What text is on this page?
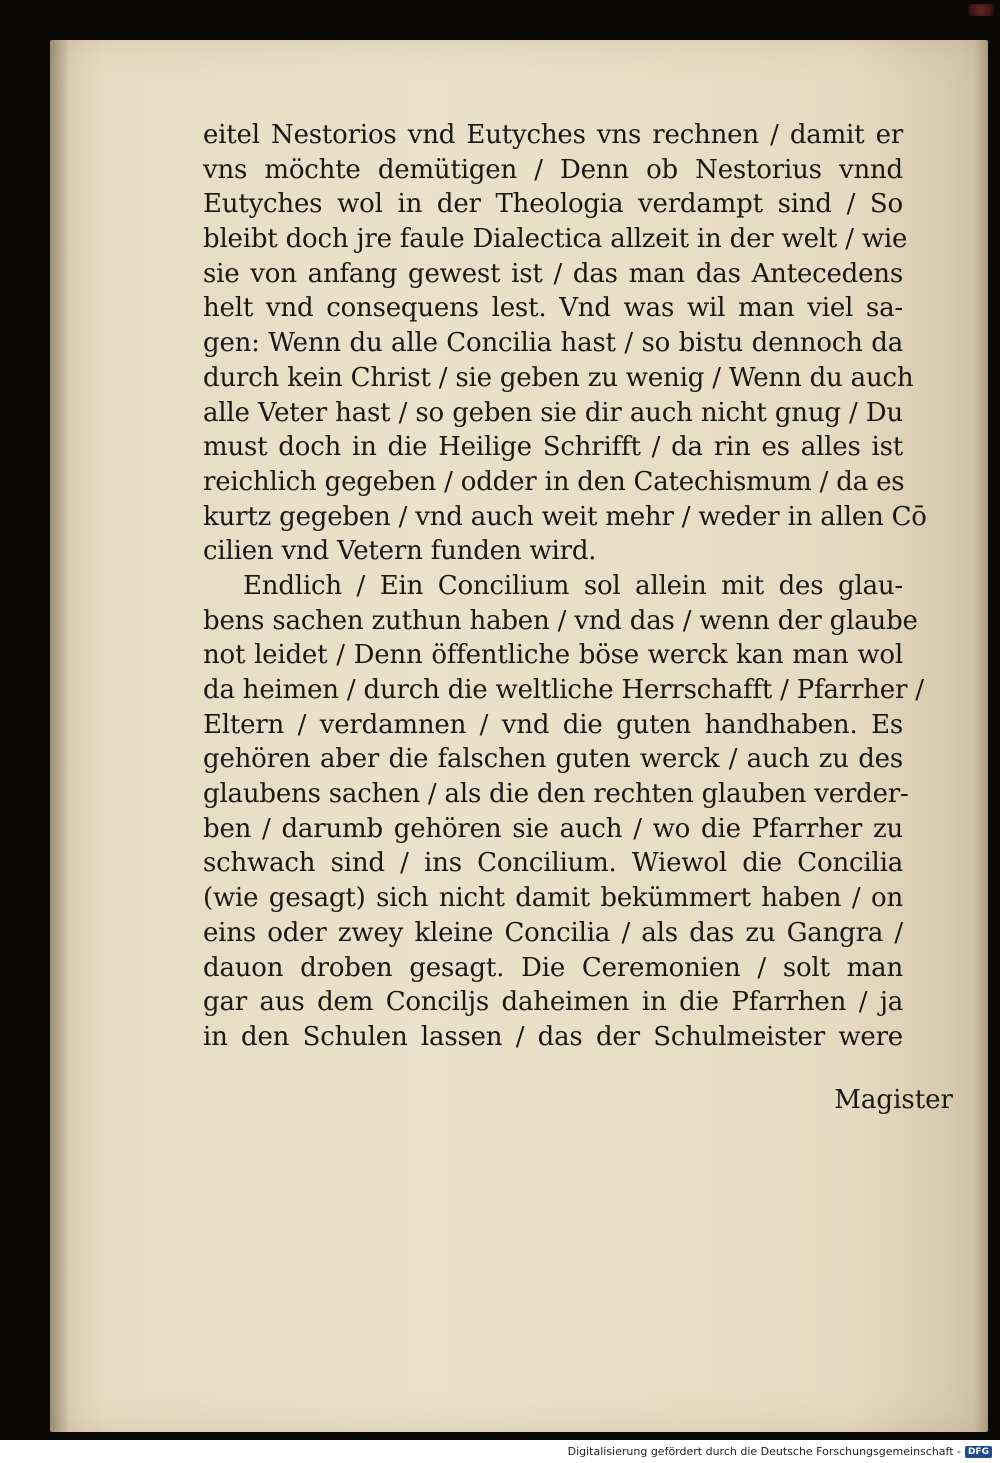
eitel Nestorios vnd Eutyches vns rechnen / damit er
vns möchte demütigen / Denn ob Nestorius vnnd
Eutyches wol in der Theologia verdampt sind / So
bleibt doch jre faule Dialectica allzeit in der welt / wie
sie von anfang gewest ist / das man das Antecedens
helt vnd consequens lest. Vnd was wil man viel sa-
gen: Wenn du alle Concilia hast / so bistu dennoch da
durch kein Christ / sie geben zu wenig / Wenn du auch
alle Veter hast / so geben sie dir auch nicht gnug / Du
must doch in die Heilige Schrifft / da rin es alles ist
reichlich gegeben / odder in den Catechismum / da es
kurtz gegeben / vnd auch weit mehr / weder in allen Cō
cilien vnd Vetern funden wird.
Endlich / Ein Concilium sol allein mit des glau-
bens sachen zuthun haben / vnd das / wenn der glaube
not leidet / Denn öffentliche böse werck kan man wol
da heimen / durch die weltliche Herrschafft / Pfarrher /
Eltern / verdamnen / vnd die guten handhaben. Es
gehören aber die falschen guten werck / auch zu des
glaubens sachen / als die den rechten glauben verder-
ben / darumb gehören sie auch / wo die Pfarrher zu
schwach sind / ins Concilium. Wiewol die Concilia
(wie gesagt) sich nicht damit bekümmert haben / on
eins oder zwey kleine Concilia / als das zu Gangra /
dauon droben gesagt. Die Ceremonien / solt man
gar aus dem Conciljs daheimen in die Pfarrhen / ja
in den Schulen lassen / das der Schulmeister were
Magister
Digitalisierung gefördert durch die Deutsche Forschungsgemeinschaft - DFG
